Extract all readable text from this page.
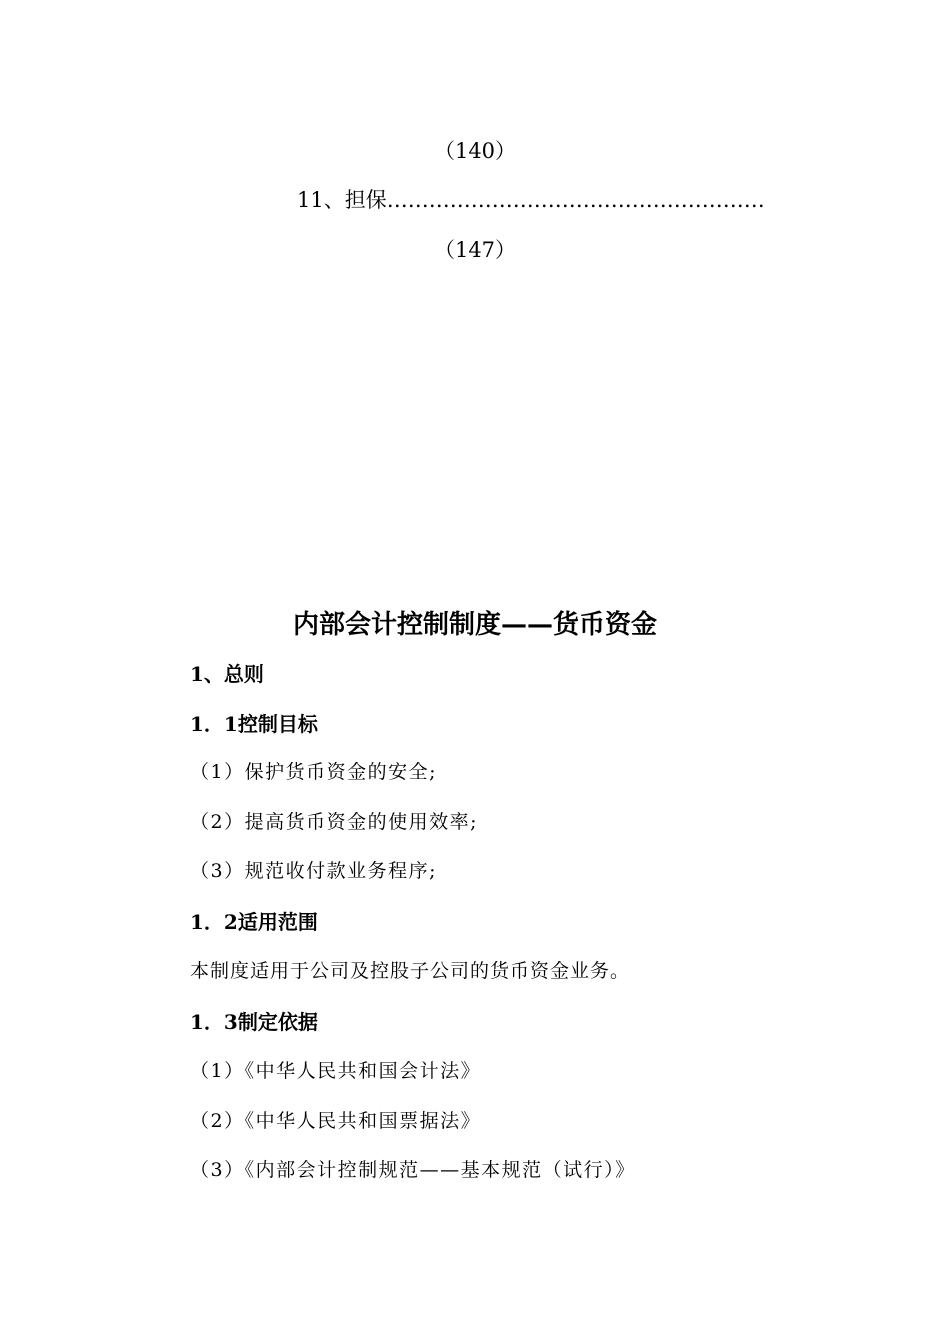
（140）
11、担保………………………………………………
（147）
内部会计控制制度——货币资金
1、总则
1．1控制目标
（1）保护货币资金的安全;
（2）提高货币资金的使用效率;
（3）规范收付款业务程序;
1．2适用范围
本制度适用于公司及控股子公司的货币资金业务。
1．3制定依据
（1）《中华人民共和国会计法》
（2）《中华人民共和国票据法》
（3）《内部会计控制规范——基本规范（试行）》
